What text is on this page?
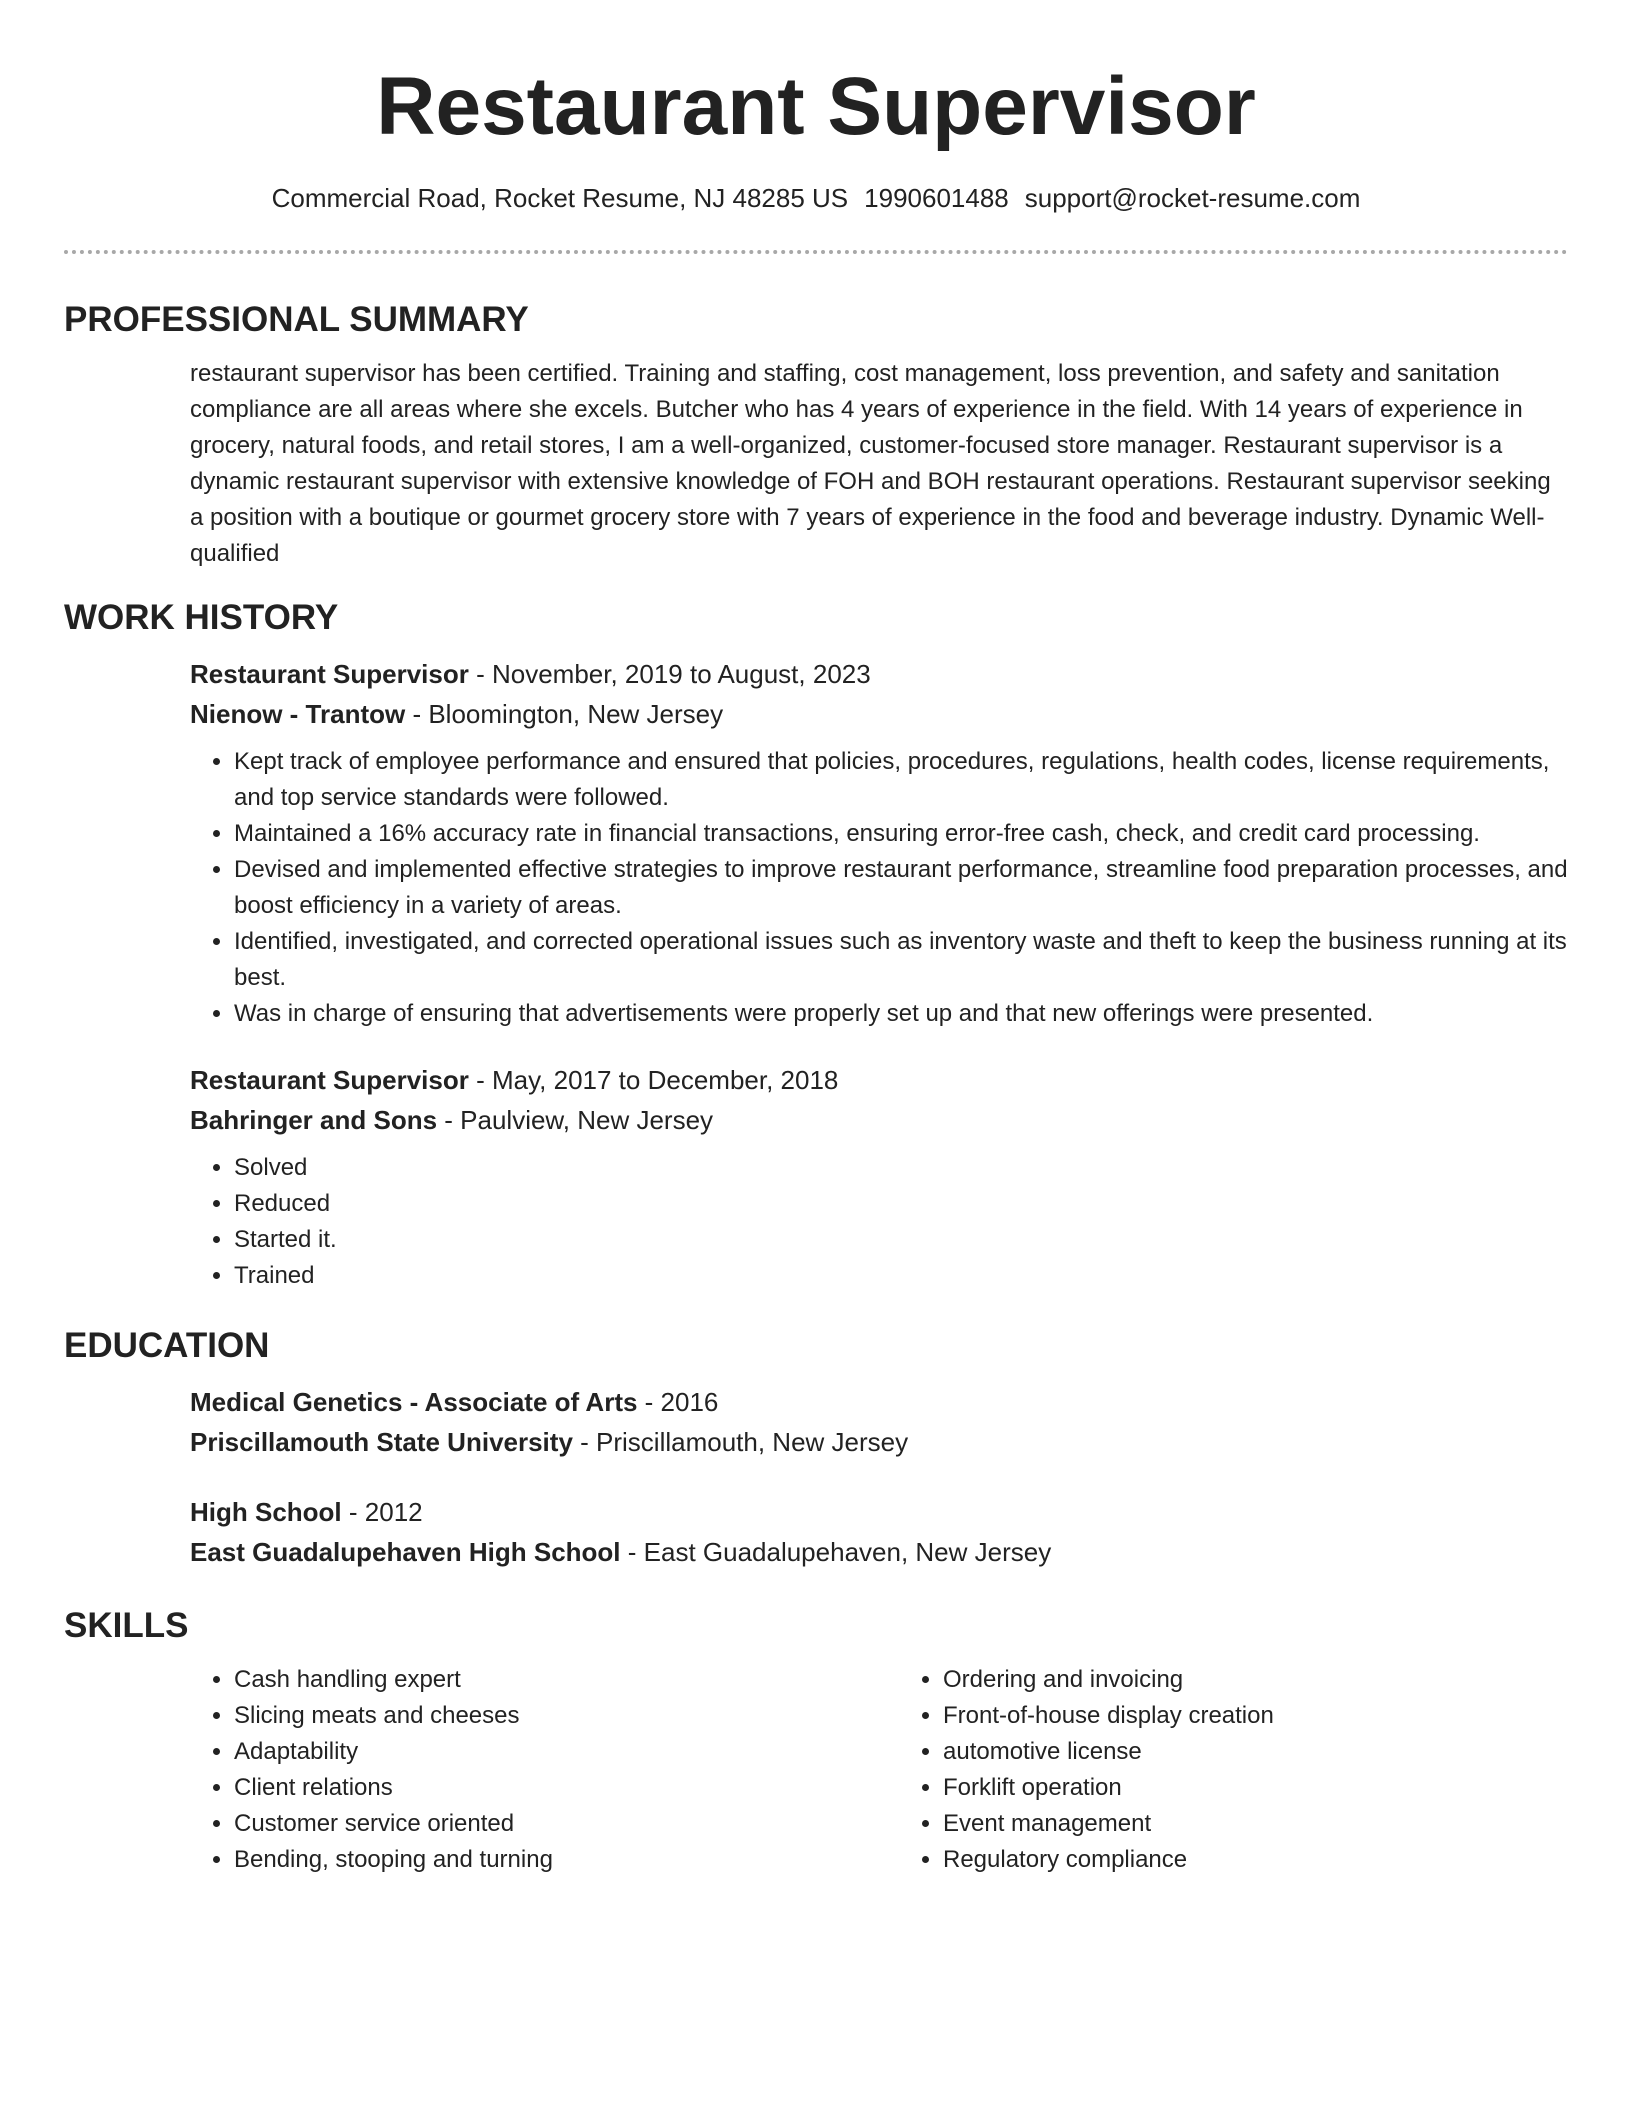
Restaurant Supervisor
Commercial Road, Rocket Resume, NJ 48285 US 1990601488 support@rocket-resume.com
PROFESSIONAL SUMMARY

restaurant supervisor has been certified. Training and staffing, cost management, loss prevention, and safety and sanitation compliance are all areas where she excels. Butcher who has 4 years of experience in the field. With 14 years of experience in grocery, natural foods, and retail stores, I am a well-organized, customer-focused store manager. Restaurant supervisor is a dynamic restaurant supervisor with extensive knowledge of FOH and BOH restaurant operations. Restaurant supervisor seeking a position with a boutique or gourmet grocery store with 7 years of experience in the food and beverage industry. Dynamic Well-qualified

WORK HISTORY
Restaurant Supervisor - November, 2019 to August, 2023
Nienow - Trantow - Bloomington, New Jersey
• Kept track of employee performance and ensured that policies, procedures, regulations, health codes, license requirements, and top service standards were followed.
• Maintained a 16% accuracy rate in financial transactions, ensuring error-free cash, check, and credit card processing.
• Devised and implemented effective strategies to improve restaurant performance, streamline food preparation processes, and boost efficiency in a variety of areas.
• Identified, investigated, and corrected operational issues such as inventory waste and theft to keep the business running at its best.
• Was in charge of ensuring that advertisements were properly set up and that new offerings were presented.
Restaurant Supervisor - May, 2017 to December, 2018
Bahringer and Sons - Paulview, New Jersey
• Solved
• Reduced
• Started it.
• Trained
EDUCATION
Medical Genetics - Associate of Arts - 2016
Priscillamouth State University - Priscillamouth, New Jersey
High School - 2012
East Guadalupehaven High School - East Guadalupehaven, New Jersey
SKILLS
• Cash handling expert
• Slicing meats and cheeses
• Adaptability
• Client relations
• Customer service oriented
• Bending, stooping and turning
• Ordering and invoicing
• Front-of-house display creation
• automotive license
• Forklift operation
• Event management
• Regulatory compliance
